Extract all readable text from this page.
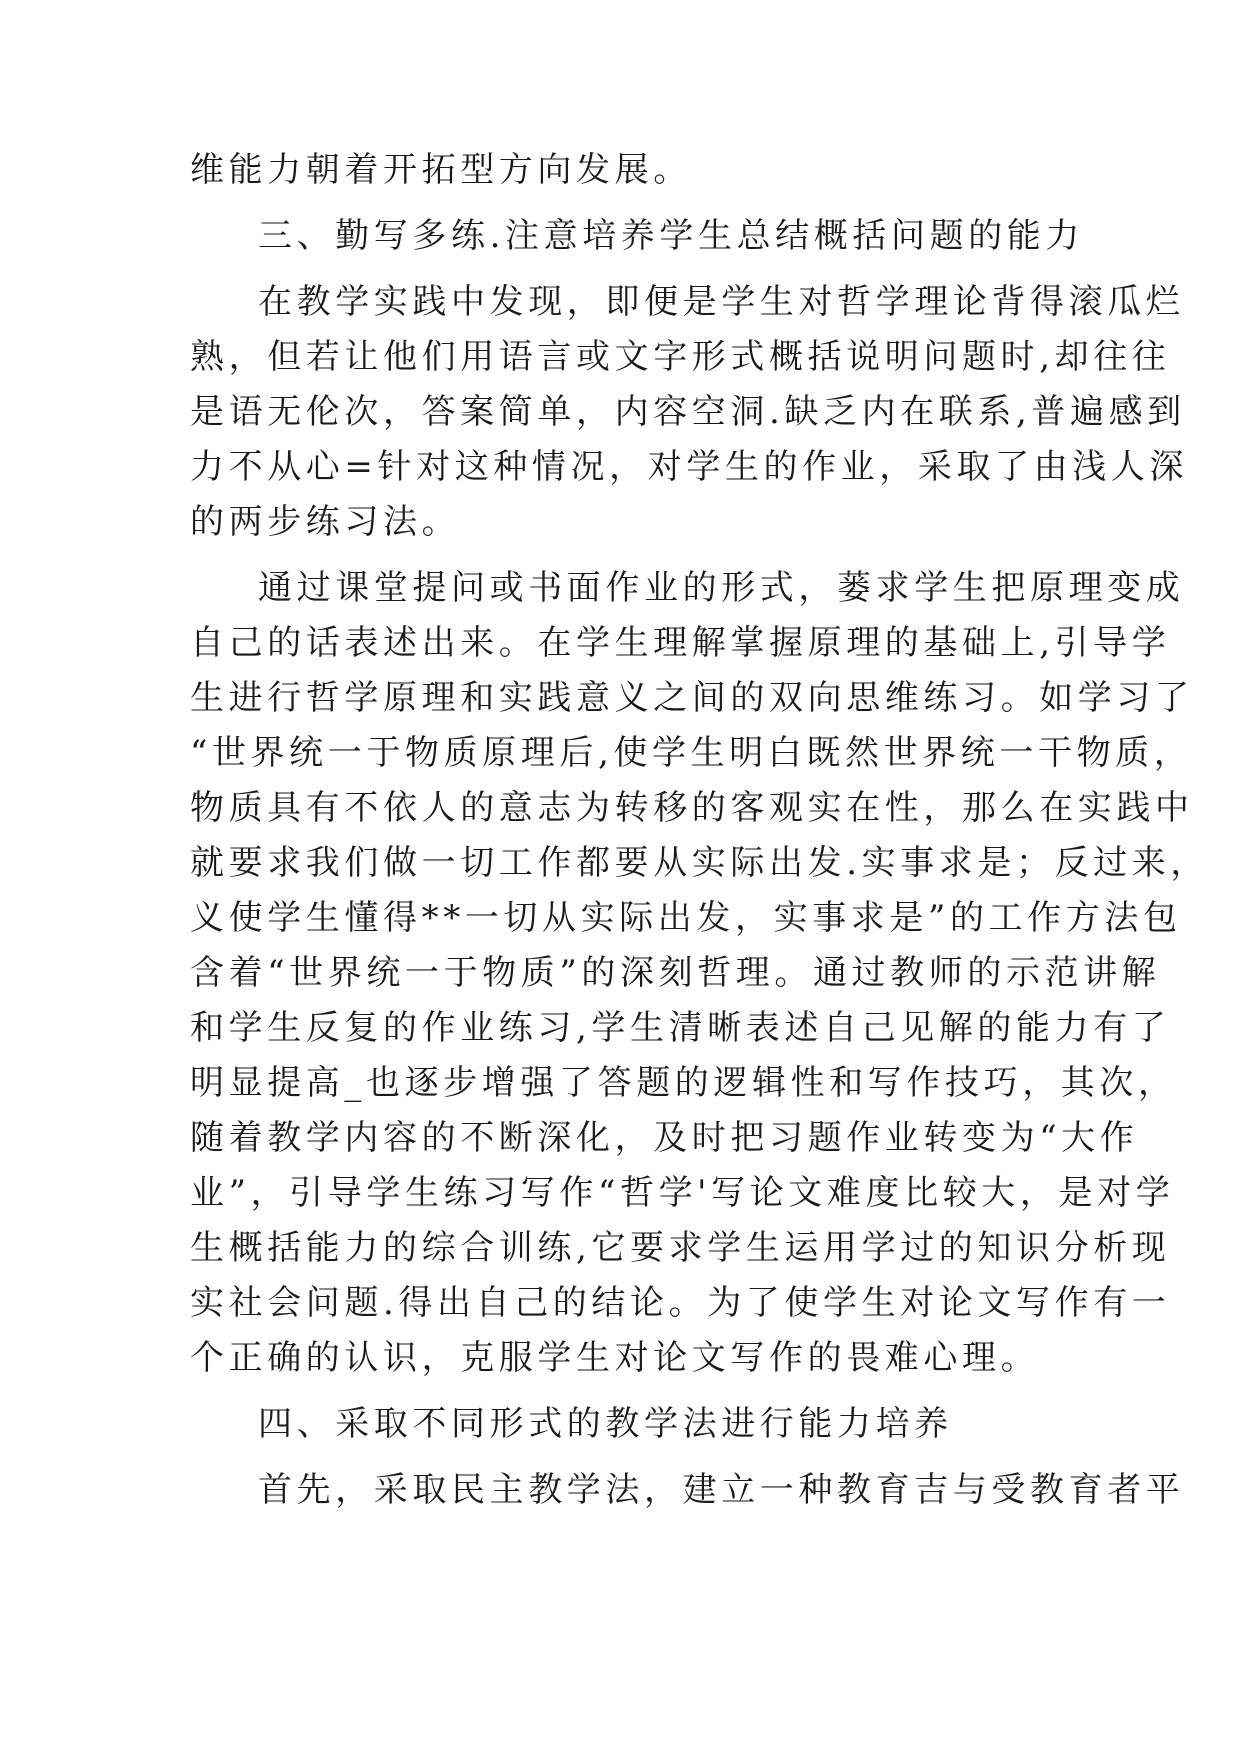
维能力朝着开拓型方向发展。
三、勤写多练.注意培养学生总结概括问题的能力
在教学实践中发现，即便是学生对哲学理论背得滚瓜烂
熟，但若让他们用语言或文字形式概括说明问题时,却往往
是语无伦次，答案简单，内容空洞.缺乏内在联系,普遍感到
力不从心=针对这种情况，对学生的作业，采取了由浅人深
的两步练习法。
通过课堂提问或书面作业的形式，蒌求学生把原理变成
自己的话表述出来。在学生理解掌握原理的基础上,引导学
生进行哲学原理和实践意义之间的双向思维练习。如学习了
“世界统一于物质原理后,使学生明白既然世界统一干物质，
物质具有不依人的意志为转移的客观实在性，那么在实践中
就要求我们做一切工作都要从实际出发.实事求是；反过来，
义使学生懂得**一切从实际出发，实事求是”的工作方法包
含着“世界统一于物质”的深刻哲理。通过教师的示范讲解
和学生反复的作业练习,学生清晰表述自己见解的能力有了
明显提高_也逐步增强了答题的逻辑性和写作技巧，其次，
随着教学内容的不断深化，及时把习题作业转变为“大作
业”，引导学生练习写作“哲学'写论文难度比较大，是对学
生概括能力的综合训练,它要求学生运用学过的知识分析现
实社会问题.得出自己的结论。为了使学生对论文写作有一
个正确的认识，克服学生对论文写作的畏难心理。
四、采取不同形式的教学法进行能力培养
首先，采取民主教学法，建立一种教育吉与受教育者平
